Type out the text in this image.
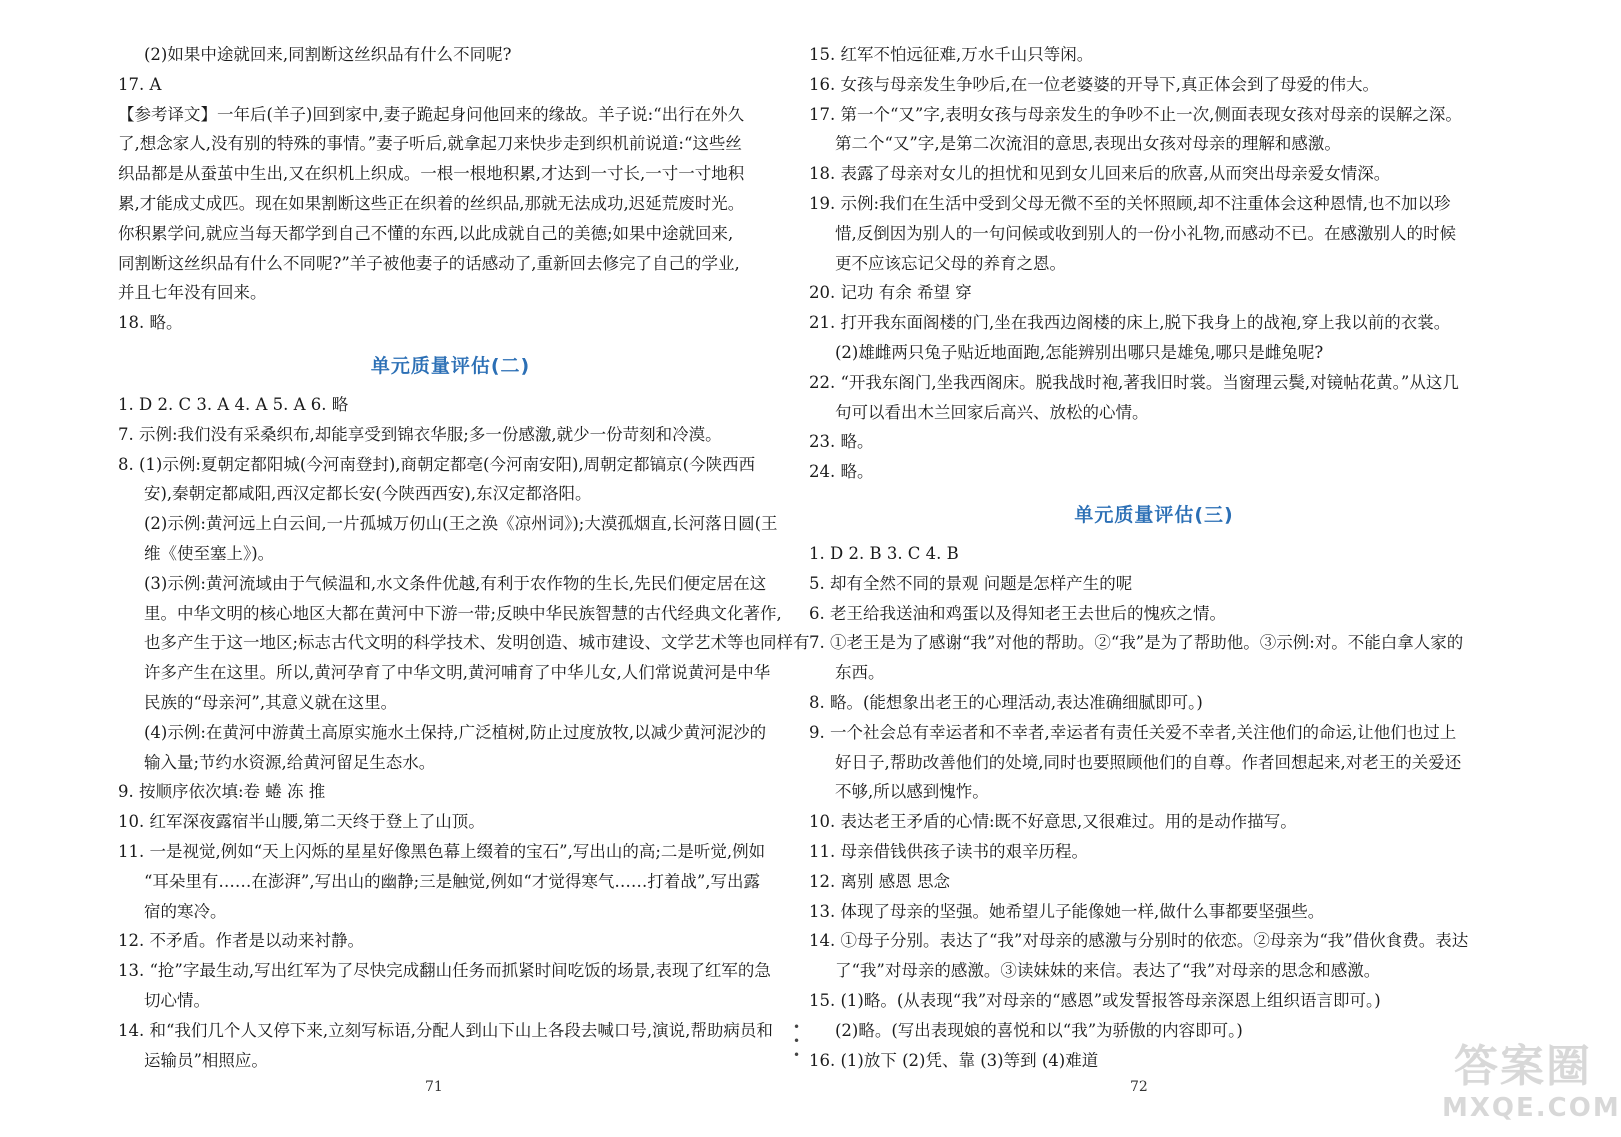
(2)如果中途就回来,同割断这丝织品有什么不同呢?
17. A
【参考译文】一年后(羊子)回到家中,妻子跪起身问他回来的缘故。羊子说:“出行在外久
了,想念家人,没有别的特殊的事情。”妻子听后,就拿起刀来快步走到织机前说道:“这些丝
织品都是从蚕茧中生出,又在织机上织成。一根一根地积累,才达到一寸长,一寸一寸地积
累,才能成丈成匹。现在如果割断这些正在织着的丝织品,那就无法成功,迟延荒废时光。
你积累学问,就应当每天都学到自己不懂的东西,以此成就自己的美德;如果中途就回来,
同割断这丝织品有什么不同呢?”羊子被他妻子的话感动了,重新回去修完了自己的学业,
并且七年没有回来。
18. 略。
单元质量评估(二)
1. D 2. C 3. A 4. A 5. A 6. 略
7. 示例:我们没有采桑织布,却能享受到锦衣华服;多一份感激,就少一份苛刻和冷漠。
8. (1)示例:夏朝定都阳城(今河南登封),商朝定都亳(今河南安阳),周朝定都镐京(今陕西西
安),秦朝定都咸阳,西汉定都长安(今陕西西安),东汉定都洛阳。
(2)示例:黄河远上白云间,一片孤城万仞山(王之涣《凉州词》);大漠孤烟直,长河落日圆(王
维《使至塞上》)。
(3)示例:黄河流域由于气候温和,水文条件优越,有利于农作物的生长,先民们便定居在这
里。中华文明的核心地区大都在黄河中下游一带;反映中华民族智慧的古代经典文化著作,
也多产生于这一地区;标志古代文明的科学技术、发明创造、城市建设、文学艺术等也同样有
许多产生在这里。所以,黄河孕育了中华文明,黄河哺育了中华儿女,人们常说黄河是中华
民族的“母亲河”,其意义就在这里。
(4)示例:在黄河中游黄土高原实施水土保持,广泛植树,防止过度放牧,以减少黄河泥沙的
输入量;节约水资源,给黄河留足生态水。
9. 按顺序依次填:卷 蜷 冻 推
10. 红军深夜露宿半山腰,第二天终于登上了山顶。
11. 一是视觉,例如“天上闪烁的星星好像黑色幕上缀着的宝石”,写出山的高;二是听觉,例如
“耳朵里有……在澎湃”,写出山的幽静;三是触觉,例如“才觉得寒气……打着战”,写出露
宿的寒冷。
12. 不矛盾。作者是以动来衬静。
13. “抢”字最生动,写出红军为了尽快完成翻山任务而抓紧时间吃饭的场景,表现了红军的急
切心情。
14. 和“我们几个人又停下来,立刻写标语,分配人到山下山上各段去喊口号,演说,帮助病员和
运输员”相照应。
71
•
•
•
15. 红军不怕远征难,万水千山只等闲。
16. 女孩与母亲发生争吵后,在一位老婆婆的开导下,真正体会到了母爱的伟大。
17. 第一个“又”字,表明女孩与母亲发生的争吵不止一次,侧面表现女孩对母亲的误解之深。
第二个“又”字,是第二次流泪的意思,表现出女孩对母亲的理解和感激。
18. 表露了母亲对女儿的担忧和见到女儿回来后的欣喜,从而突出母亲爱女情深。
19. 示例:我们在生活中受到父母无微不至的关怀照顾,却不注重体会这种恩情,也不加以珍
惜,反倒因为别人的一句问候或收到别人的一份小礼物,而感动不已。在感激别人的时候
更不应该忘记父母的养育之恩。
20. 记功 有余 希望 穿
21. 打开我东面阁楼的门,坐在我西边阁楼的床上,脱下我身上的战袍,穿上我以前的衣裳。
(2)雄雌两只兔子贴近地面跑,怎能辨别出哪只是雄兔,哪只是雌兔呢?
22. “开我东阁门,坐我西阁床。脱我战时袍,著我旧时裳。当窗理云鬓,对镜帖花黄。”从这几
句可以看出木兰回家后高兴、放松的心情。
23. 略。
24. 略。
单元质量评估(三)
1. D 2. B 3. C 4. B
5. 却有全然不同的景观 问题是怎样产生的呢
6. 老王给我送油和鸡蛋以及得知老王去世后的愧疚之情。
7. ①老王是为了感谢“我”对他的帮助。②“我”是为了帮助他。③示例:对。不能白拿人家的
东西。
8. 略。(能想象出老王的心理活动,表达准确细腻即可。)
9. 一个社会总有幸运者和不幸者,幸运者有责任关爱不幸者,关注他们的命运,让他们也过上
好日子,帮助改善他们的处境,同时也要照顾他们的自尊。作者回想起来,对老王的关爱还
不够,所以感到愧怍。
10. 表达老王矛盾的心情:既不好意思,又很难过。用的是动作描写。
11. 母亲借钱供孩子读书的艰辛历程。
12. 离别 感恩 思念
13. 体现了母亲的坚强。她希望儿子能像她一样,做什么事都要坚强些。
14. ①母子分别。表达了“我”对母亲的感激与分别时的依恋。②母亲为“我”借伙食费。表达
了“我”对母亲的感激。③读妹妹的来信。表达了“我”对母亲的思念和感激。
15. (1)略。(从表现“我”对母亲的“感恩”或发誓报答母亲深恩上组织语言即可。)
(2)略。(写出表现娘的喜悦和以“我”为骄傲的内容即可。)
16. (1)放下 (2)凭、靠 (3)等到 (4)难道
72	答案圈
MXQE.COM
